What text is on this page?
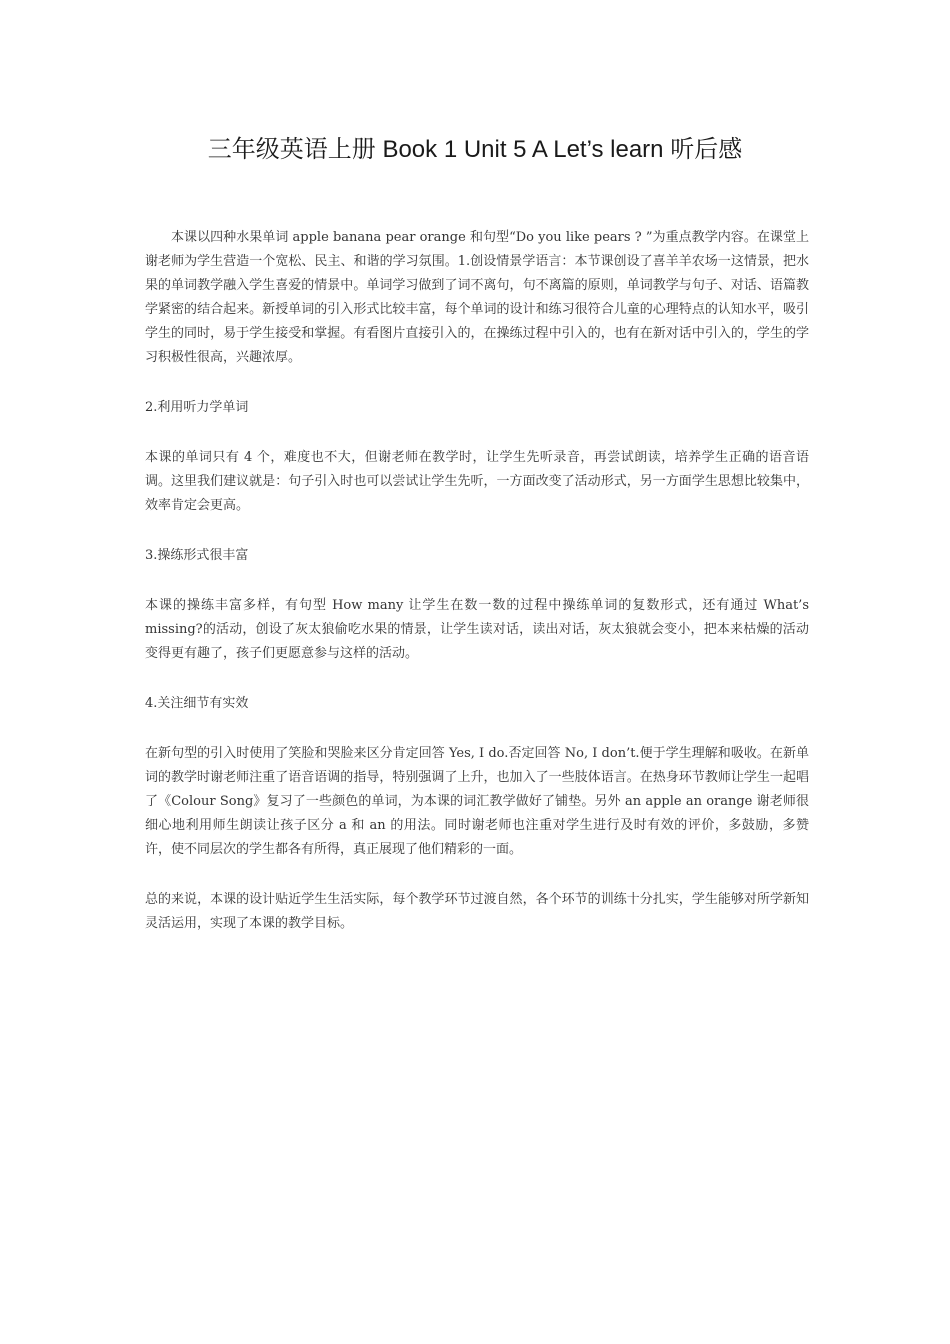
三年级英语上册 Book 1 Unit 5 A Let’s learn 听后感

本课以四种水果单词 apple banana pear orange 和句型“Do you like pears ? ”为重点教学内容。在课堂上谢老师为学生营造一个宽松、民主、和谐的学习氛围。1.创设情景学语言：本节课创设了喜羊羊农场一这情景，把水果的单词教学融入学生喜爱的情景中。单词学习做到了词不离句，句不离篇的原则，单词教学与句子、对话、语篇教学紧密的结合起来。新授单词的引入形式比较丰富，每个单词的设计和练习很符合儿童的心理特点的认知水平，吸引学生的同时，易于学生接受和掌握。有看图片直接引入的，在操练过程中引入的，也有在新对话中引入的，学生的学习积极性很高，兴趣浓厚。

2.利用听力学单词

本课的单词只有 4 个，难度也不大，但谢老师在教学时，让学生先听录音，再尝试朗读，培养学生正确的语音语调。这里我们建议就是：句子引入时也可以尝试让学生先听，一方面改变了活动形式，另一方面学生思想比较集中，效率肯定会更高。

3.操练形式很丰富

本课的操练丰富多样，有句型 How many 让学生在数一数的过程中操练单词的复数形式，还有通过 What’s missing?的活动，创设了灰太狼偷吃水果的情景，让学生读对话，读出对话，灰太狼就会变小，把本来枯燥的活动变得更有趣了，孩子们更愿意参与这样的活动。

4.关注细节有实效

在新句型的引入时使用了笑脸和哭脸来区分肯定回答 Yes, I do.否定回答 No, I don’t.便于学生理解和吸收。在新单词的教学时谢老师注重了语音语调的指导，特别强调了上升，也加入了一些肢体语言。在热身环节教师让学生一起唱了《Colour Song》复习了一些颜色的单词，为本课的词汇教学做好了铺垫。另外 an apple an orange 谢老师很细心地利用师生朗读让孩子区分 a 和 an 的用法。同时谢老师也注重对学生进行及时有效的评价，多鼓励，多赞许，使不同层次的学生都各有所得，真正展现了他们精彩的一面。

总的来说，本课的设计贴近学生生活实际，每个教学环节过渡自然，各个环节的训练十分扎实，学生能够对所学新知灵活运用，实现了本课的教学目标。
